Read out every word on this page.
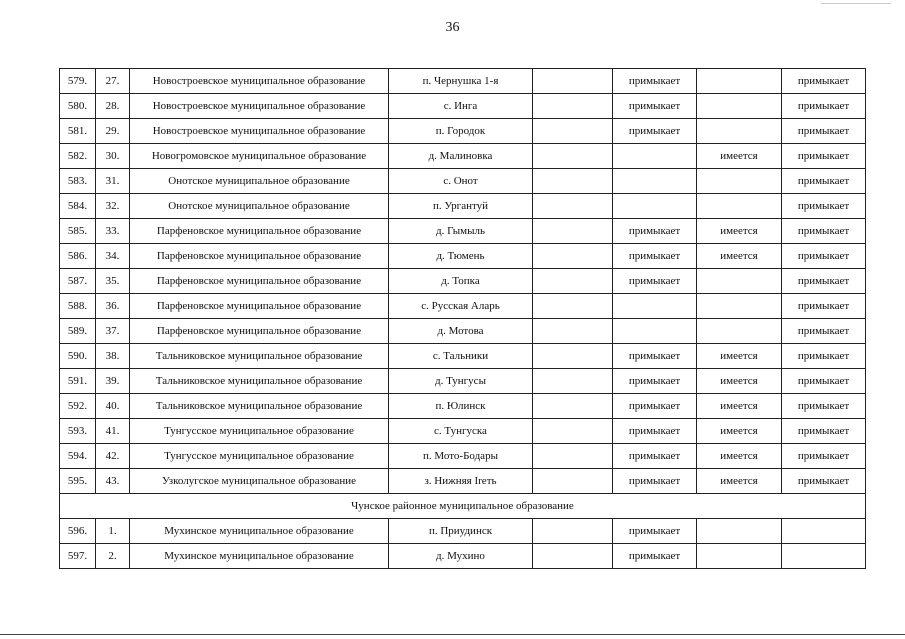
36
579.	27.	Новостроевское муниципальное образование	п. Чернушка 1-я		примыкает		примыкает
580.	28.	Новостроевское муниципальное образование	с. Инга		примыкает		примыкает
581.	29.	Новостроевское муниципальное образование	п. Городок		примыкает		примыкает
582.	30.	Новогромовское муниципальное образование	д. Малиновка			имеется	примыкает
583.	31.	Онотское муниципальное образование	с. Онот				примыкает
584.	32.	Онотское муниципальное образование	п. Ургантуй				примыкает
585.	33.	Парфеновское муниципальное образование	д. Гымыль		примыкает	имеется	примыкает
586.	34.	Парфеновское муниципальное образование	д. Тюмень		примыкает	имеется	примыкает
587.	35.	Парфеновское муниципальное образование	д. Топка		примыкает		примыкает
588.	36.	Парфеновское муниципальное образование	с. Русская Аларь				примыкает
589.	37.	Парфеновское муниципальное образование	д. Мотова				примыкает
590.	38.	Тальниковское муниципальное образование	с. Тальники		примыкает	имеется	примыкает
591.	39.	Тальниковское муниципальное образование	д. Тунгусы		примыкает	имеется	примыкает
592.	40.	Тальниковское муниципальное образование	п. Юлинск		примыкает	имеется	примыкает
593.	41.	Тунгусское муниципальное образование	с. Тунгуска		примыкает	имеется	примыкает
594.	42.	Тунгусское муниципальное образование	п. Мото-Бодары		примыкает	имеется	примыкает
595.	43.	Узколугское муниципальное образование	з. Нижняя Ireть		примыкает	имеется	примыкает
Чунское районное муниципальное образование							
596.	1.	Мухинское муниципальное образование	п. Приудинск		примыкает		
597.	2.	Мухинское муниципальное образование	д. Мухино		примыкает		
